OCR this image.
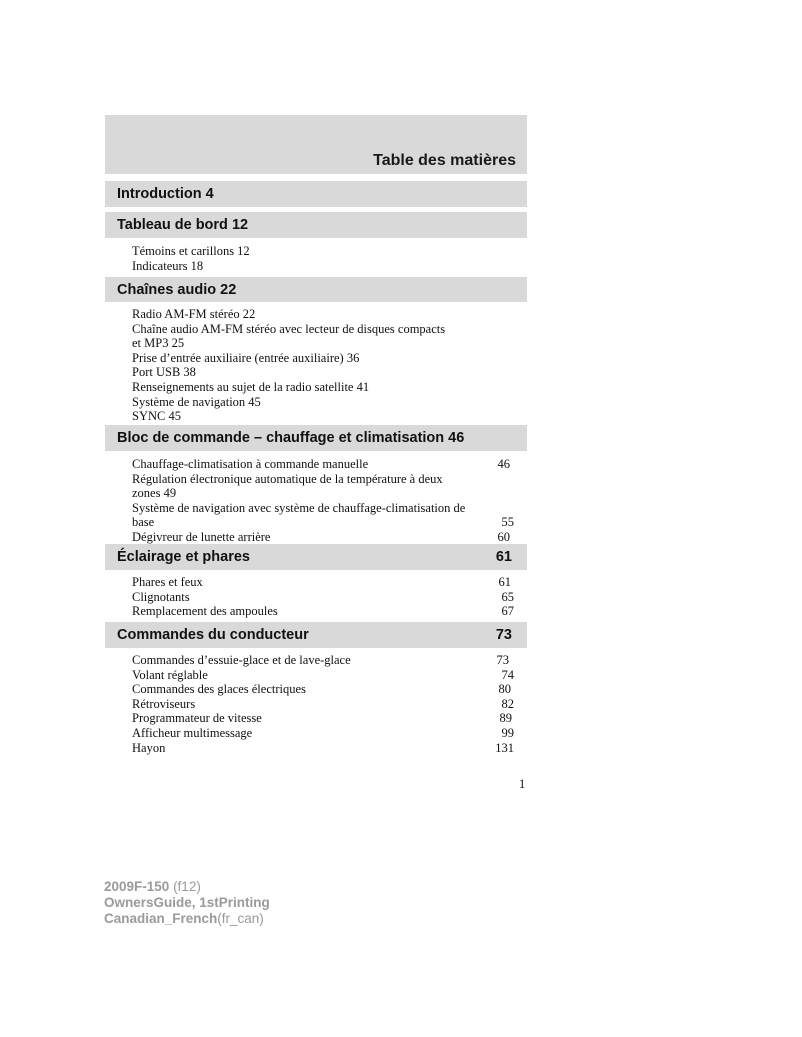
Table des matières
Introduction 4
Tableau de bord 12
Témoins et carillons 12
Indicateurs 18
Chaînes audio 22
Radio AM-FM stéréo 22
Chaîne audio AM-FM stéréo avec lecteur de disques compacts
et MP3 25
Prise d’entrée auxiliaire (entrée auxiliaire) 36
Port USB 38
Renseignements au sujet de la radio satellite 41
Système de navigation 45
SYNC 45
Bloc de commande – chauffage et climatisation 46
Chauffage-climatisation à commande manuelle	46
Régulation électronique automatique de la température à deux
zones 49
Système de navigation avec système de chauffage-climatisation de
base	55
Dégivreur de lunette arrière	60
Éclairage et phares	61
Phares et feux	61
Clignotants	65
Remplacement des ampoules	67
Commandes du conducteur	73
Commandes d’essuie-glace et de lave-glace	73
Volant réglable	74
Commandes des glaces électriques	80
Rétroviseurs	82
Programmateur de vitesse	89
Afficheur multimessage	99
Hayon	131
1
2009F-150 (f12)
OwnersGuide, 1stPrinting
Canadian_French(fr_can)
